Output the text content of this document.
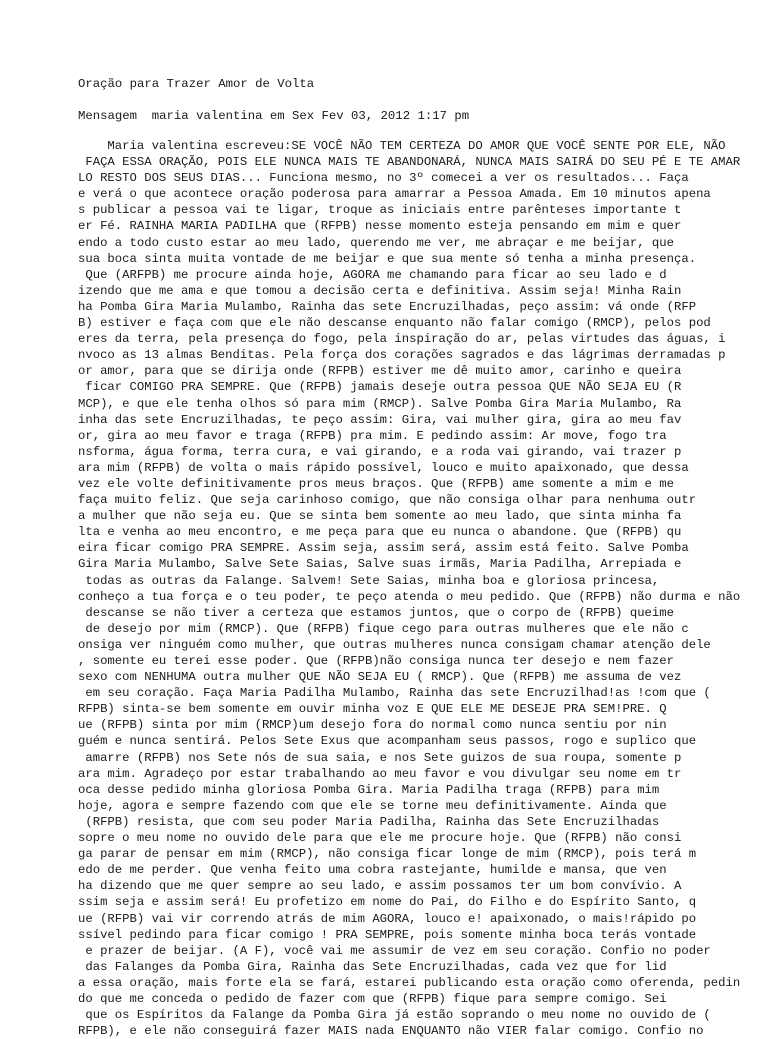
Oração para Trazer Amor de Volta

Mensagem  maria valentina em Sex Fev 03, 2012 1:17 pm

Maria valentina escreveu:SE VOCÊ NÃO TEM CERTEZA DO AMOR QUE VOCÊ SENTE POR ELE, NÃO
FAÇA ESSA ORAÇÃO, POIS ELE NUNCA MAIS TE ABANDONARÁ, NUNCA MAIS SAIRÁ DO SEU PÉ E TE AMAR
LO RESTO DOS SEUS DIAS... Funciona mesmo, no 3º comecei a ver os resultados... Faça
e verá o que acontece oração poderosa para amarrar a Pessoa Amada. Em 10 minutos apena
s publicar a pessoa vai te ligar, troque as iniciais entre parênteses importante t
er Fé. RAINHA MARIA PADILHA que (RFPB) nesse momento esteja pensando em mim e quer
endo a todo custo estar ao meu lado, querendo me ver, me abraçar e me beijar, que
sua boca sinta muita vontade de me beijar e que sua mente só tenha a minha presença.
Que (ARFPB) me procure ainda hoje, AGORA me chamando para ficar ao seu lado e d
izendo que me ama e que tomou a decisão certa e definitiva. Assim seja! Minha Rain
ha Pomba Gira Maria Mulambo, Rainha das sete Encruzilhadas, peço assim: vá onde (RFP
B) estiver e faça com que ele não descanse enquanto não falar comigo (RMCP), pelos pod
eres da terra, pela presença do fogo, pela inspiração do ar, pelas virtudes das águas, i
nvoco as 13 almas Benditas. Pela força dos corações sagrados e das lágrimas derramadas p
or amor, para que se dirija onde (RFPB) estiver me dê muito amor, carinho e queira
ficar COMIGO PRA SEMPRE. Que (RFPB) jamais deseje outra pessoa QUE NÃO SEJA EU (R
MCP), e que ele tenha olhos só para mim (RMCP). Salve Pomba Gira Maria Mulambo, Ra
inha das sete Encruzilhadas, te peço assim: Gira, vai mulher gira, gira ao meu fav
or, gira ao meu favor e traga (RFPB) pra mim. E pedindo assim: Ar move, fogo tra
nsforma, água forma, terra cura, e vai girando, e a roda vai girando, vai trazer p
ara mim (RFPB) de volta o mais rápido possível, louco e muito apaixonado, que dessa
vez ele volte definitivamente pros meus braços. Que (RFPB) ame somente a mim e me
faça muito feliz. Que seja carinhoso comigo, que não consiga olhar para nenhuma outr
a mulher que não seja eu. Que se sinta bem somente ao meu lado, que sinta minha fa
lta e venha ao meu encontro, e me peça para que eu nunca o abandone. Que (RFPB) qu
eira ficar comigo PRA SEMPRE. Assim seja, assim será, assim está feito. Salve Pomba
Gira Maria Mulambo, Salve Sete Saias, Salve suas irmãs, Maria Padilha, Arrepiada e
todas as outras da Falange. Salvem! Sete Saias, minha boa e gloriosa princesa,
conheço a tua força e o teu poder, te peço atenda o meu pedido. Que (RFPB) não durma e não
descanse se não tiver a certeza que estamos juntos, que o corpo de (RFPB) queime
de desejo por mim (RMCP). Que (RFPB) fique cego para outras mulheres que ele não c
onsiga ver ninguém como mulher, que outras mulheres nunca consigam chamar atenção dele
, somente eu terei esse poder. Que (RFPB)não consiga nunca ter desejo e nem fazer
sexo com NENHUMA outra mulher QUE NÃO SEJA EU ( RMCP). Que (RFPB) me assuma de vez
em seu coração. Faça Maria Padilha Mulambo, Rainha das sete Encruzilhad!as !com que (
RFPB) sinta-se bem somente em ouvir minha voz E QUE ELE ME DESEJE PRA SEM!PRE. Q
ue (RFPB) sinta por mim (RMCP)um desejo fora do normal como nunca sentiu por nin
guém e nunca sentirá. Pelos Sete Exus que acompanham seus passos, rogo e suplico que
amarre (RFPB) nos Sete nós de sua saia, e nos Sete guizos de sua roupa, somente p
ara mim. Agradeço por estar trabalhando ao meu favor e vou divulgar seu nome em tr
oca desse pedido minha gloriosa Pomba Gira. Maria Padilha traga (RFPB) para mim
hoje, agora e sempre fazendo com que ele se torne meu definitivamente. Ainda que
(RFPB) resista, que com seu poder Maria Padilha, Rainha das Sete Encruzilhadas
sopre o meu nome no ouvido dele para que ele me procure hoje. Que (RFPB) não consi
ga parar de pensar em mim (RMCP), não consiga ficar longe de mim (RMCP), pois terá m
edo de me perder. Que venha feito uma cobra rastejante, humilde e mansa, que ven
ha dizendo que me quer sempre ao seu lado, e assim possamos ter um bom convívio. A
ssim seja e assim será! Eu profetizo em nome do Pai, do Filho e do Espírito Santo, q
ue (RFPB) vai vir correndo atrás de mim AGORA, louco e! apaixonado, o mais!rápido po
ssível pedindo para ficar comigo ! PRA SEMPRE, pois somente minha boca terás vontade
e prazer de beijar. (A F), você vai me assumir de vez em seu coração. Confio no poder
das Falanges da Pomba Gira, Rainha das Sete Encruzilhadas, cada vez que for lid
a essa oração, mais forte ela se fará, estarei publicando esta oração como oferenda, pedin
do que me conceda o pedido de fazer com que (RFPB) fique para sempre comigo. Sei
que os Espíritos da Falange da Pomba Gira já estão soprando o meu nome no ouvido de (
RFPB), e ele não conseguirá fazer MAIS nada ENQUANTO não VIER falar comigo. Confio no
